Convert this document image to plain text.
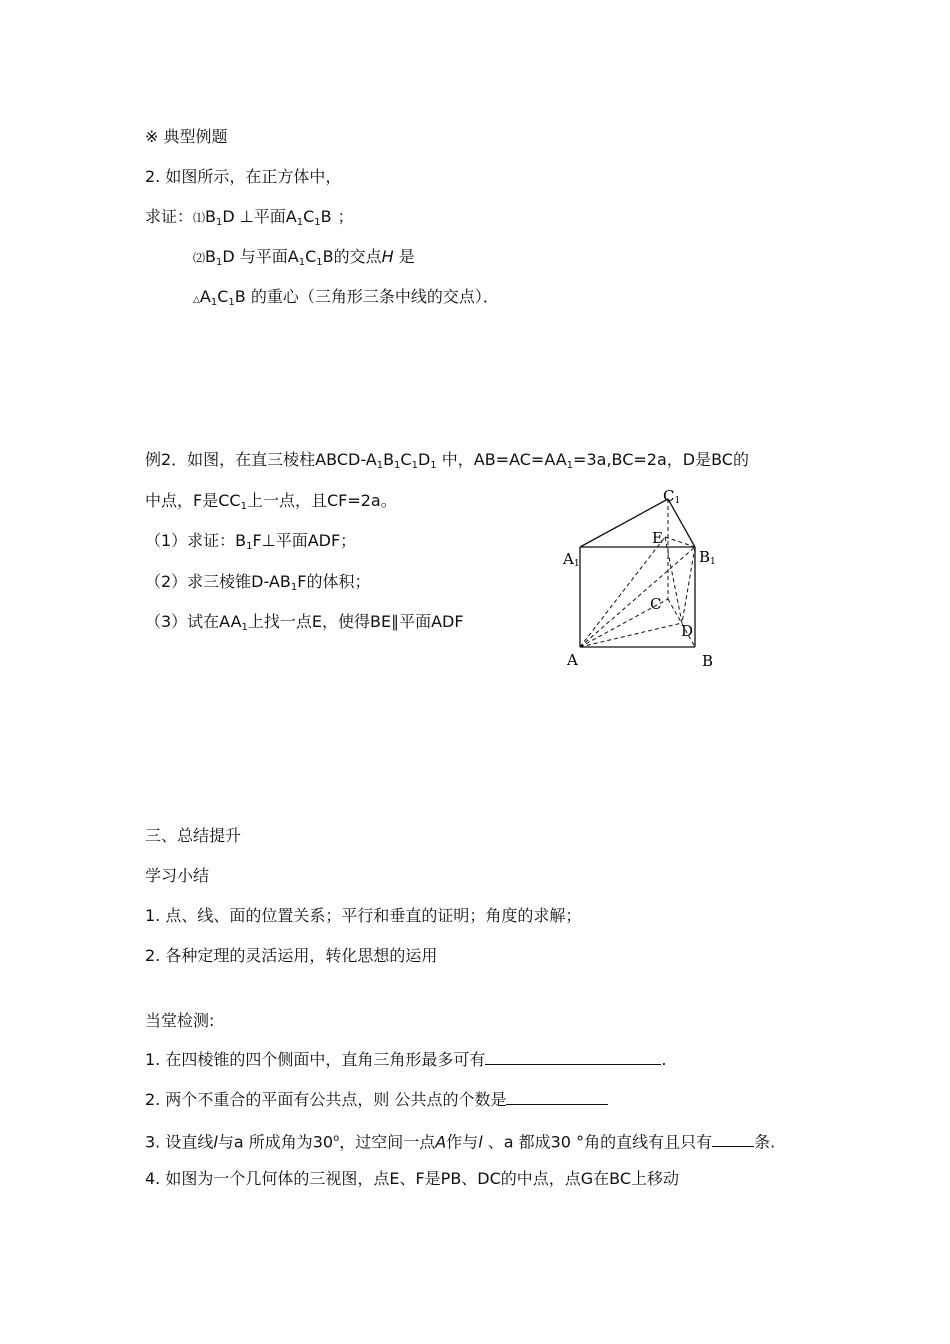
※ 典型例题
2. 如图所示，在正方体中，
求证：$⑴B_1D$ ⊥平面$A_1C_1B$ ；
$⑵B_1D$ 与平面$A_1C_1B$的交点H 是
$\triangle A_1C_1B$ 的重心（三角形三条中线的交点）．
例2．如图，在直三棱柱ABCD-$A_1B_1C_1D_1$ 中，$AB=AC=AA_1=3a,BC=2a$，D是BC的
中点，F是$CC_1$上一点，且CF=2a。
（1）求证：$B_1F\perp$平面ADF；
（2）求三棱锥$D-AB_1F$的体积；
（3）试在$AA_1$上找一点E，使得BE∥平面ADF
C1
E
A1	B1
C
D
A	B
三、总结提升
学习小结
1. 点、线、面的位置关系；平行和垂直的证明；角度的求解；
2. 各种定理的灵活运用，转化思想的运用
当堂检测:
1. 在四棱锥的四个侧面中，直角三角形最多可有	.
2. 两个不重合的平面有公共点，则 公共点的个数是
3. 设直线l与a 所成角为30$^o$，过空间一点A作与l 、a 都成30 °角的直线有且只有	条.
4. 如图为一个几何体的三视图，点E、F是PB、DC的中点，点G在BC上移动
